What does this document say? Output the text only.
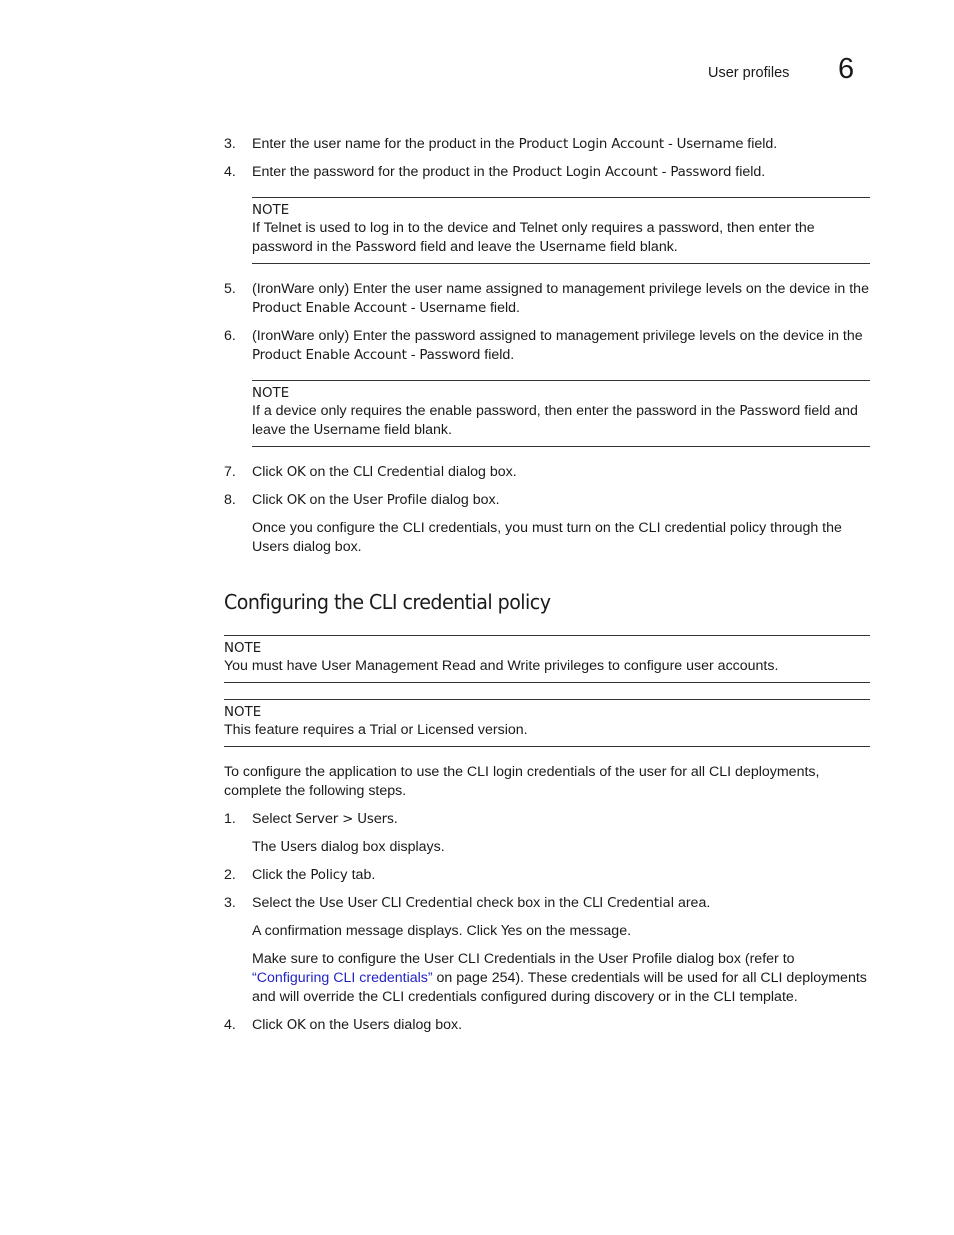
User profiles 6
3. Enter the user name for the product in the Product Login Account - Username field.
4. Enter the password for the product in the Product Login Account - Password field.
NOTE
If Telnet is used to log in to the device and Telnet only requires a password, then enter the password in the Password field and leave the Username field blank.
5. (IronWare only) Enter the user name assigned to management privilege levels on the device in the Product Enable Account - Username field.
6. (IronWare only) Enter the password assigned to management privilege levels on the device in the Product Enable Account - Password field.
NOTE
If a device only requires the enable password, then enter the password in the Password field and leave the Username field blank.
7. Click OK on the CLI Credential dialog box.
8. Click OK on the User Profile dialog box.
Once you configure the CLI credentials, you must turn on the CLI credential policy through the Users dialog box.
Configuring the CLI credential policy
NOTE
You must have User Management Read and Write privileges to configure user accounts.
NOTE
This feature requires a Trial or Licensed version.
To configure the application to use the CLI login credentials of the user for all CLI deployments, complete the following steps.
1. Select Server > Users.
The Users dialog box displays.
2. Click the Policy tab.
3. Select the Use User CLI Credential check box in the CLI Credential area.
A confirmation message displays. Click Yes on the message.
Make sure to configure the User CLI Credentials in the User Profile dialog box (refer to “Configuring CLI credentials” on page 254). These credentials will be used for all CLI deployments and will override the CLI credentials configured during discovery or in the CLI template.
4. Click OK on the Users dialog box.
